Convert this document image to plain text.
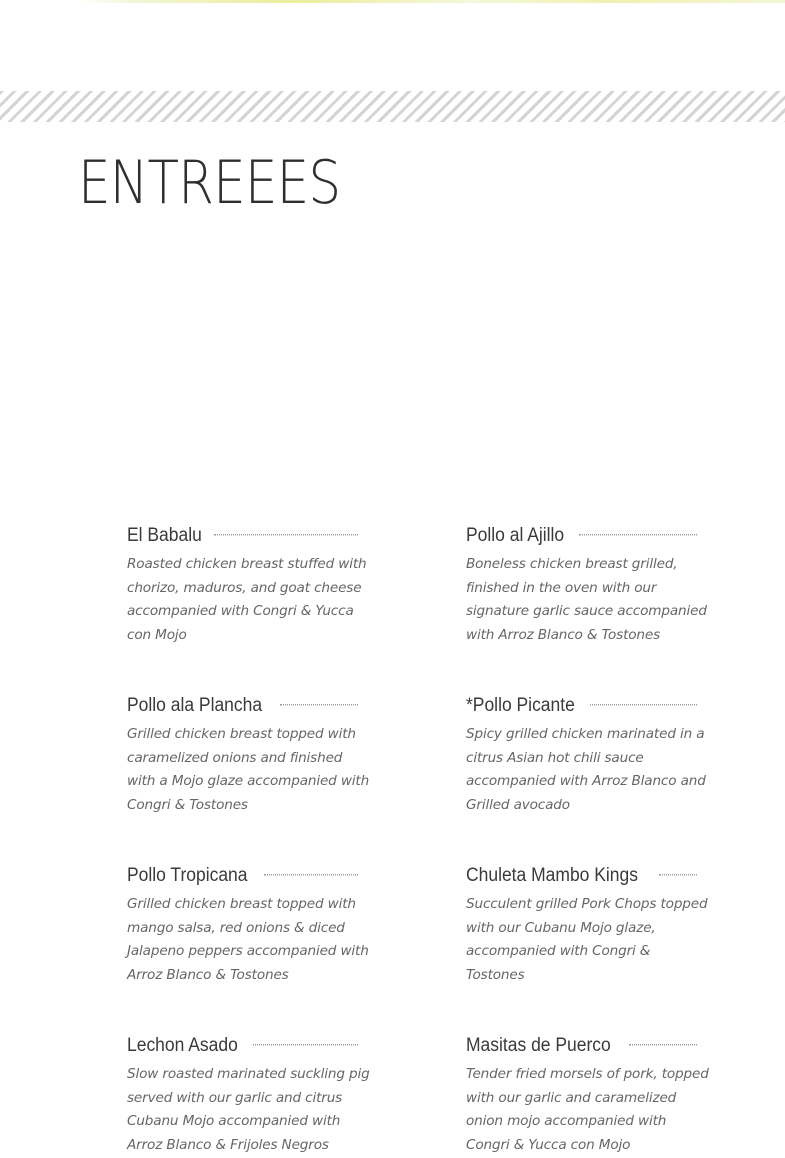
ENTREEES
El Babalu

Roasted chicken breast stuffed with chorizo, maduros, and goat cheese accompanied with Congri & Yucca con Mojo

Pollo al Ajillo

Boneless chicken breast grilled, finished in the oven with our signature garlic sauce accompanied with Arroz Blanco & Tostones

Pollo ala Plancha

Grilled chicken breast topped with caramelized onions and finished with a Mojo glaze accompanied with Congri & Tostones

*Pollo Picante

Spicy grilled chicken marinated in a citrus Asian hot chili sauce accompanied with Arroz Blanco and Grilled avocado

Pollo Tropicana

Grilled chicken breast topped with mango salsa, red onions & diced Jalapeno peppers accompanied with Arroz Blanco & Tostones

Chuleta Mambo Kings

Succulent grilled Pork Chops topped with our Cubanu Mojo glaze, accompanied with Congri & Tostones

Lechon Asado

Slow roasted marinated suckling pig served with our garlic and citrus Cubanu Mojo accompanied with Arroz Blanco & Frijoles Negros

Masitas de Puerco

Tender fried morsels of pork, topped with our garlic and caramelized onion mojo accompanied with Congri & Yucca con Mojo
